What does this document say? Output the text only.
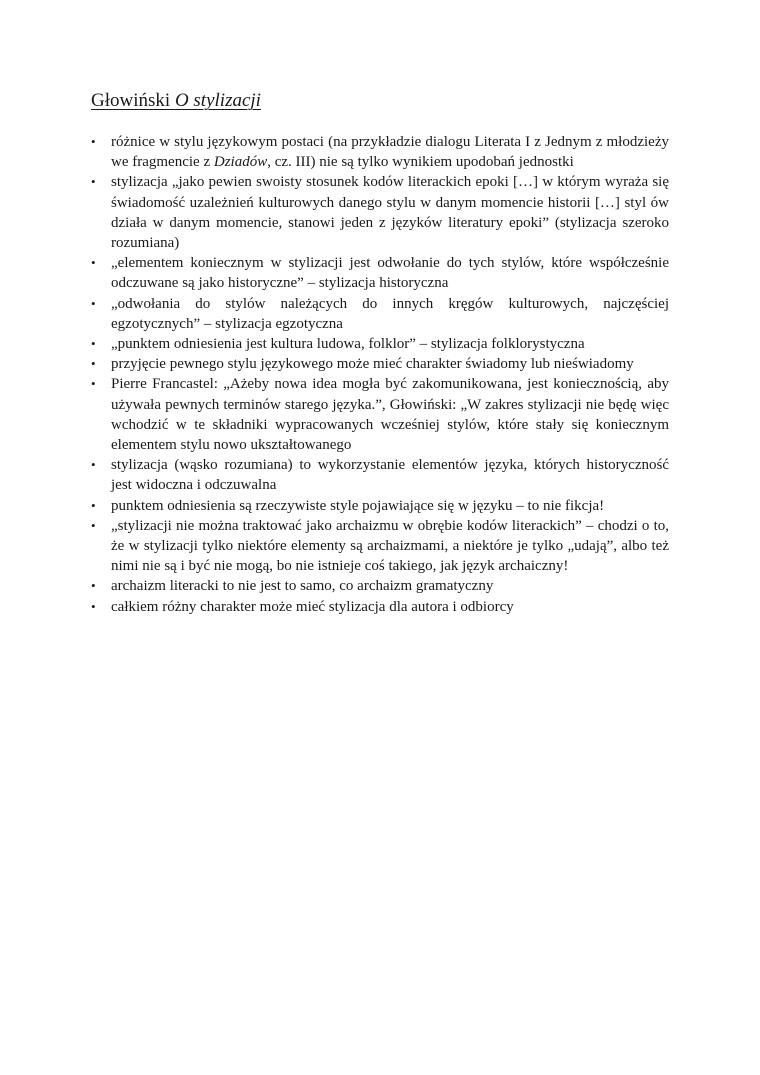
Głowiński O stylizacji
•	różnice w stylu językowym postaci (na przykładzie dialogu Literata I z Jednym z młodzieży we fragmencie z Dziadów, cz. III) nie są tylko wynikiem upodobań jednostki
•	stylizacja „jako pewien swoisty stosunek kodów literackich epoki […] w którym wyraża się świadomość uzależnień kulturowych danego stylu w danym momencie historii […] styl ów działa w danym momencie, stanowi jeden z języków literatury epoki” (stylizacja szeroko rozumiana)
•	„elementem koniecznym w stylizacji jest odwołanie do tych stylów, które współcześnie odczuwane są jako historyczne” – stylizacja historyczna
•	„odwołania do stylów należących do innych kręgów kulturowych, najczęściej egzotycznych” – stylizacja egzotyczna
•	„punktem odniesienia jest kultura ludowa, folklor” – stylizacja folklorystyczna
•	przyjęcie pewnego stylu językowego może mieć charakter świadomy lub nieświadomy
•	Pierre Francastel: „Ażeby nowa idea mogła być zakomunikowana, jest koniecznością, aby używała pewnych terminów starego języka.”, Głowiński: „W zakres stylizacji nie będę więc wchodzić w te składniki wypracowanych wcześniej stylów, które stały się koniecznym elementem stylu nowo ukształtowanego
•	stylizacja (wąsko rozumiana) to wykorzystanie elementów języka, których historyczność jest widoczna i odczuwalna
•	punktem odniesienia są rzeczywiste style pojawiające się w języku – to nie fikcja!
•	„stylizacji nie można traktować jako archaizmu w obrębie kodów literackich” – chodzi o to, że w stylizacji tylko niektóre elementy są archaizmami, a niektóre je tylko „udają”, albo też nimi nie są i być nie mogą, bo nie istnieje coś takiego, jak język archaiczny!
•	archaizm literacki to nie jest to samo, co archaizm gramatyczny
•	całkiem różny charakter może mieć stylizacja dla autora i odbiorcy
